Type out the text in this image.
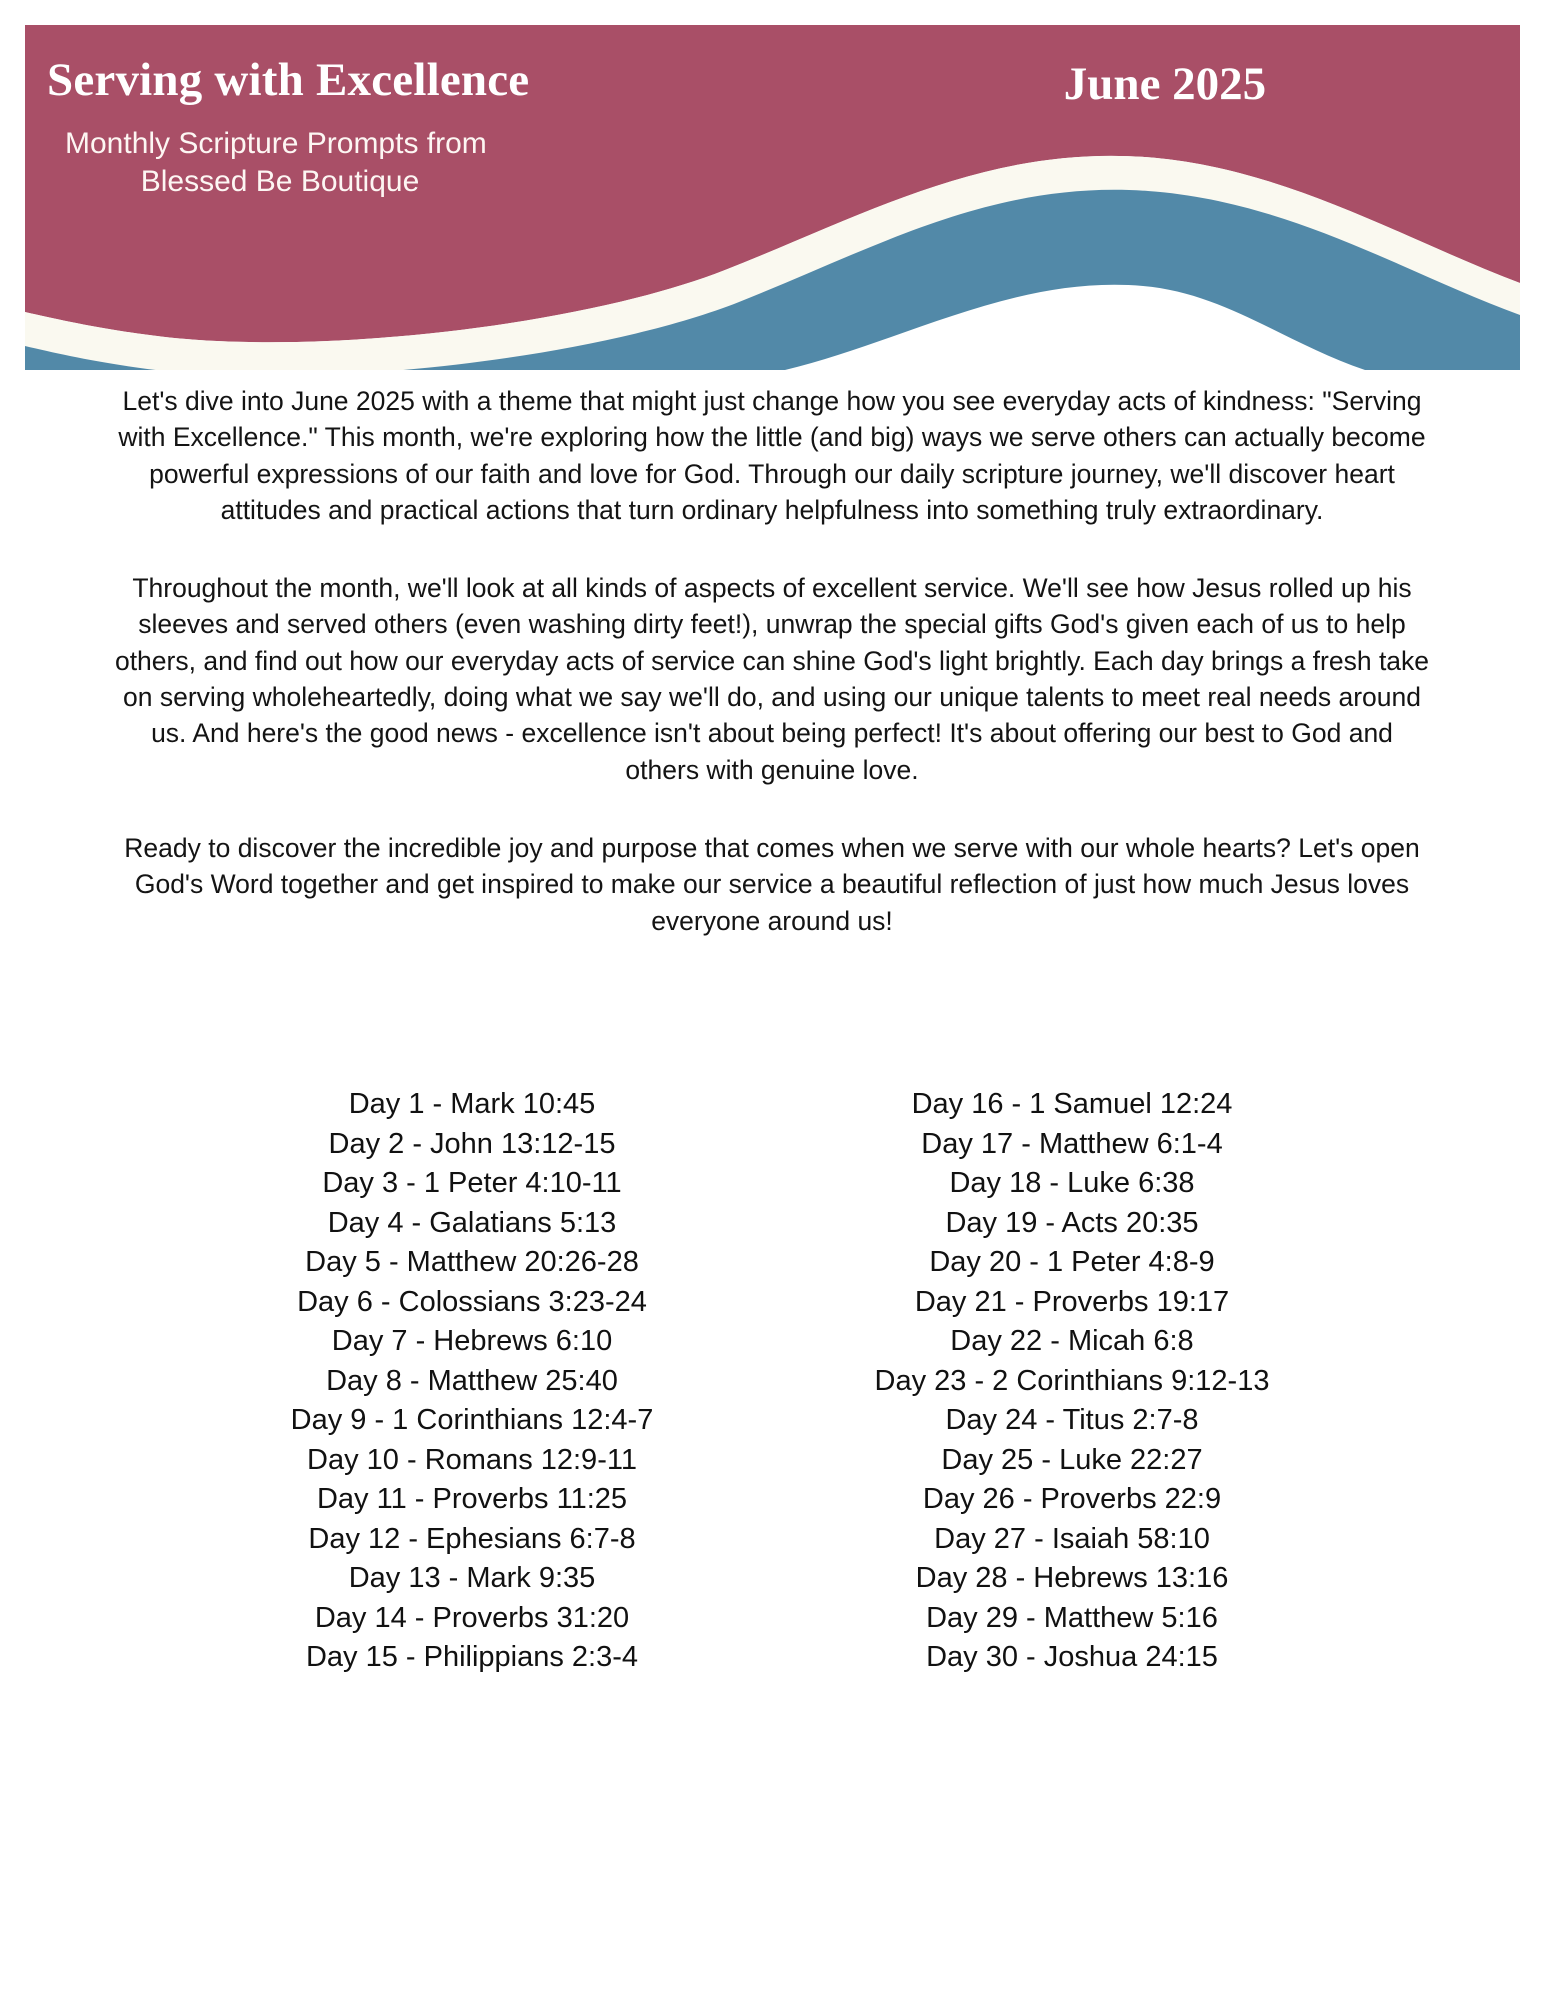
Serving with Excellence	June 2025
Monthly Scripture Prompts from
Blessed Be Boutique

Let's dive into June 2025 with a theme that might just change how you see everyday acts of kindness: "Serving with Excellence." This month, we're exploring how the little (and big) ways we serve others can actually become powerful expressions of our faith and love for God. Through our daily scripture journey, we'll discover heart attitudes and practical actions that turn ordinary helpfulness into something truly extraordinary.

Throughout the month, we'll look at all kinds of aspects of excellent service. We'll see how Jesus rolled up his sleeves and served others (even washing dirty feet!), unwrap the special gifts God's given each of us to help others, and find out how our everyday acts of service can shine God's light brightly. Each day brings a fresh take on serving wholeheartedly, doing what we say we'll do, and using our unique talents to meet real needs around us. And here's the good news - excellence isn't about being perfect! It's about offering our best to God and others with genuine love.

Ready to discover the incredible joy and purpose that comes when we serve with our whole hearts? Let's open God's Word together and get inspired to make our service a beautiful reflection of just how much Jesus loves everyone around us!

Day 1 - Mark 10:45
Day 2 - John 13:12-15
Day 3 - 1 Peter 4:10-11
Day 4 - Galatians 5:13
Day 5 - Matthew 20:26-28
Day 6 - Colossians 3:23-24
Day 7 - Hebrews 6:10
Day 8 - Matthew 25:40
Day 9 - 1 Corinthians 12:4-7
Day 10 - Romans 12:9-11
Day 11 - Proverbs 11:25
Day 12 - Ephesians 6:7-8
Day 13 - Mark 9:35
Day 14 - Proverbs 31:20
Day 15 - Philippians 2:3-4
Day 16 - 1 Samuel 12:24
Day 17 - Matthew 6:1-4
Day 18 - Luke 6:38
Day 19 - Acts 20:35
Day 20 - 1 Peter 4:8-9
Day 21 - Proverbs 19:17
Day 22 - Micah 6:8
Day 23 - 2 Corinthians 9:12-13
Day 24 - Titus 2:7-8
Day 25 - Luke 22:27
Day 26 - Proverbs 22:9
Day 27 - Isaiah 58:10
Day 28 - Hebrews 13:16
Day 29 - Matthew 5:16
Day 30 - Joshua 24:15
